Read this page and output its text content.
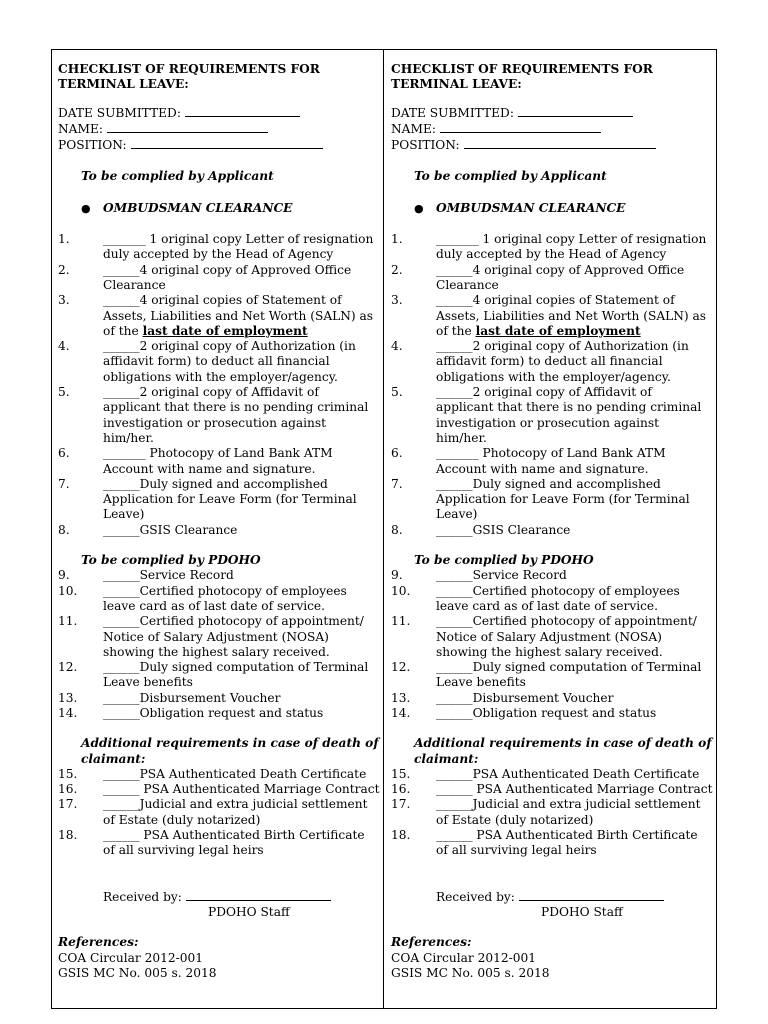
CHECKLIST OF REQUIREMENTS FOR TERMINAL LEAVE:
DATE SUBMITTED:
NAME:
POSITION:
To be complied by Applicant
●	OMBUDSMAN CLEARANCE
1.	_______ 1 original copy Letter of resignation duly accepted by the Head of Agency
2.	______4 original copy of Approved Office Clearance
3.	______4 original copies of Statement of Assets, Liabilities and Net Worth (SALN) as of the last date of employment
4.	______2 original copy of Authorization (in affidavit form) to deduct all financial obligations with the employer/agency.
5.	______2 original copy of Affidavit of applicant that there is no pending criminal investigation or prosecution against him/her.
6.	_______ Photocopy of Land Bank ATM Account with name and signature.
7.	______Duly signed and accomplished Application for Leave Form (for Terminal Leave)
8.	______GSIS Clearance
To be complied by PDOHO
9.	______Service Record
10.	______Certified photocopy of employees leave card as of last date of service.
11.	______Certified photocopy of appointment/ Notice of Salary Adjustment (NOSA) showing the highest salary received.
12.	______Duly signed computation of Terminal Leave benefits
13.	______Disbursement Voucher
14.	______Obligation request and status
Additional requirements in case of death of claimant:
15.	______PSA Authenticated Death Certificate
16.	______ PSA Authenticated Marriage Contract
17.	______Judicial and extra judicial settlement of Estate (duly notarized)
18.	______ PSA Authenticated Birth Certificate of all surviving legal heirs
Received by:
PDOHO Staff
References:
COA Circular 2012-001
GSIS MC No. 005 s. 2018
CHECKLIST OF REQUIREMENTS FOR TERMINAL LEAVE:
DATE SUBMITTED:
NAME:
POSITION:
To be complied by Applicant
●	OMBUDSMAN CLEARANCE
1.	_______ 1 original copy Letter of resignation duly accepted by the Head of Agency
2.	______4 original copy of Approved Office Clearance
3.	______4 original copies of Statement of Assets, Liabilities and Net Worth (SALN) as of the last date of employment
4.	______2 original copy of Authorization (in affidavit form) to deduct all financial obligations with the employer/agency.
5.	______2 original copy of Affidavit of applicant that there is no pending criminal investigation or prosecution against him/her.
6.	_______ Photocopy of Land Bank ATM Account with name and signature.
7.	______Duly signed and accomplished Application for Leave Form (for Terminal Leave)
8.	______GSIS Clearance
To be complied by PDOHO
9.	______Service Record
10.	______Certified photocopy of employees leave card as of last date of service.
11.	______Certified photocopy of appointment/ Notice of Salary Adjustment (NOSA) showing the highest salary received.
12.	______Duly signed computation of Terminal Leave benefits
13.	______Disbursement Voucher
14.	______Obligation request and status
Additional requirements in case of death of claimant:
15.	______PSA Authenticated Death Certificate
16.	______ PSA Authenticated Marriage Contract
17.	______Judicial and extra judicial settlement of Estate (duly notarized)
18.	______ PSA Authenticated Birth Certificate of all surviving legal heirs
Received by:
PDOHO Staff
References:
COA Circular 2012-001
GSIS MC No. 005 s. 2018
